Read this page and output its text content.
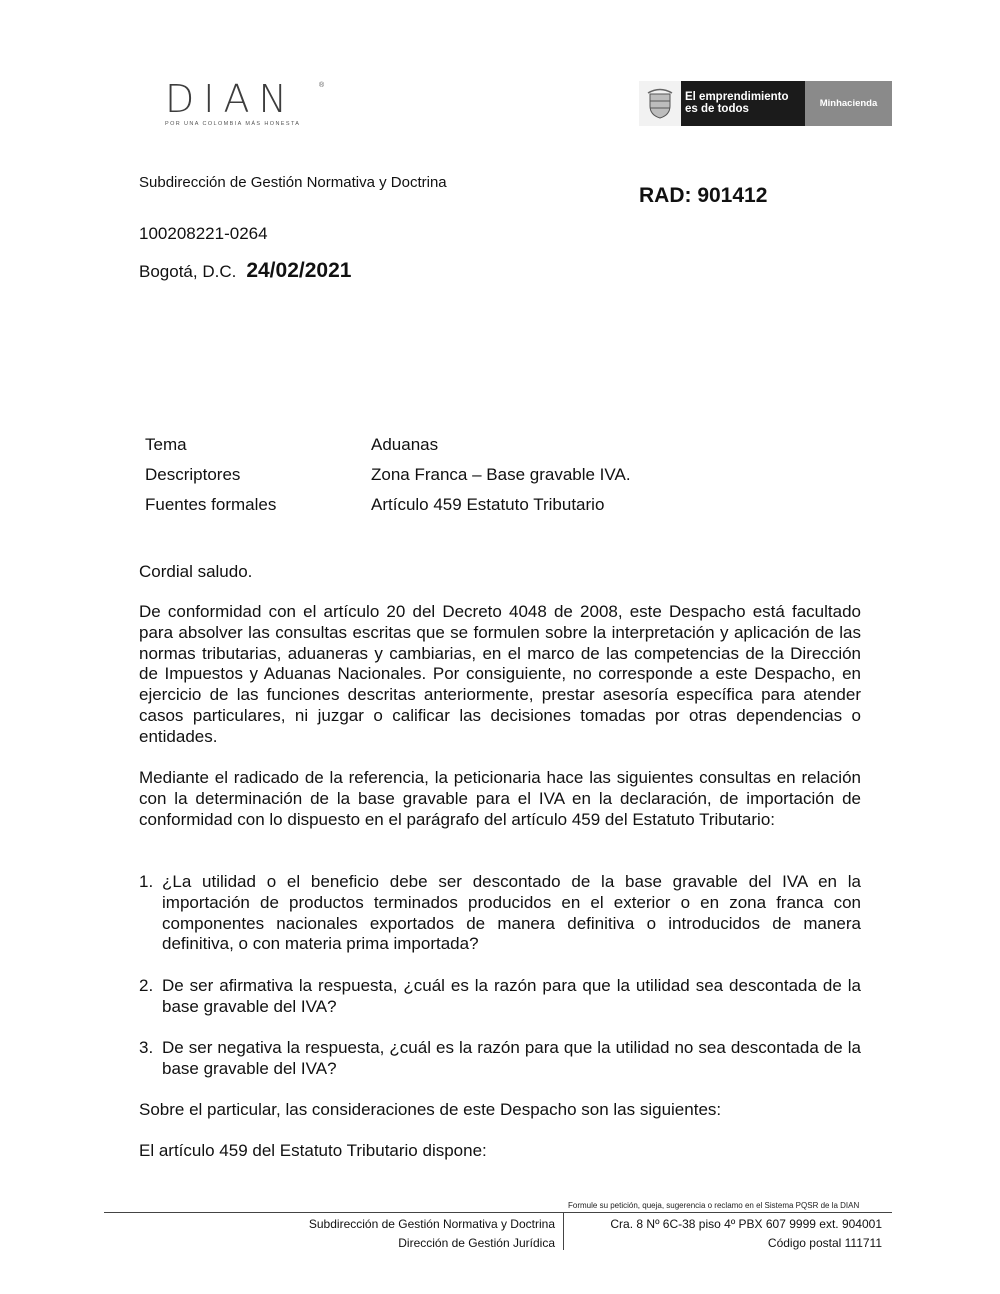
DIAN	®
POR UNA COLOMBIA MÁS HONESTA
El emprendimiento
es de todos	Minhacienda
Subdirección de Gestión Normativa y Doctrina
RAD: 901412
100208221-0264
Bogotá, D.C. 24/02/2021
Tema	Aduanas
Descriptores	Zona Franca – Base gravable IVA.
Fuentes formales	Artículo 459 Estatuto Tributario
Cordial saludo.
De conformidad con el artículo 20 del Decreto 4048 de 2008, este Despacho está facultado para absolver las consultas escritas que se formulen sobre la interpretación y aplicación de las normas tributarias, aduaneras y cambiarias, en el marco de las competencias de la Dirección de Impuestos y Aduanas Nacionales. Por consiguiente, no corresponde a este Despacho, en ejercicio de las funciones descritas anteriormente, prestar asesoría específica para atender casos particulares, ni juzgar o calificar las decisiones tomadas por otras dependencias o entidades.
Mediante el radicado de la referencia, la peticionaria hace las siguientes consultas en relación con la determinación de la base gravable para el IVA en la declaración, de importación de conformidad con lo dispuesto en el parágrafo del artículo 459 del Estatuto Tributario:
1. ¿La utilidad o el beneficio debe ser descontado de la base gravable del IVA en la importación de productos terminados producidos en el exterior o en zona franca con componentes nacionales exportados de manera definitiva o introducidos de manera definitiva, o con materia prima importada?
2. De ser afirmativa la respuesta, ¿cuál es la razón para que la utilidad sea descontada de la base gravable del IVA?
3. De ser negativa la respuesta, ¿cuál es la razón para que la utilidad no sea descontada de la base gravable del IVA?
Sobre el particular, las consideraciones de este Despacho son las siguientes:
El artículo 459 del Estatuto Tributario dispone:
Formule su petición, queja, sugerencia o reclamo en el Sistema PQSR de la DIAN
Subdirección de Gestión Normativa y Doctrina
Dirección de Gestión Jurídica
Cra. 8 Nº 6C-38 piso 4º PBX 607 9999 ext. 904001
Código postal 111711
